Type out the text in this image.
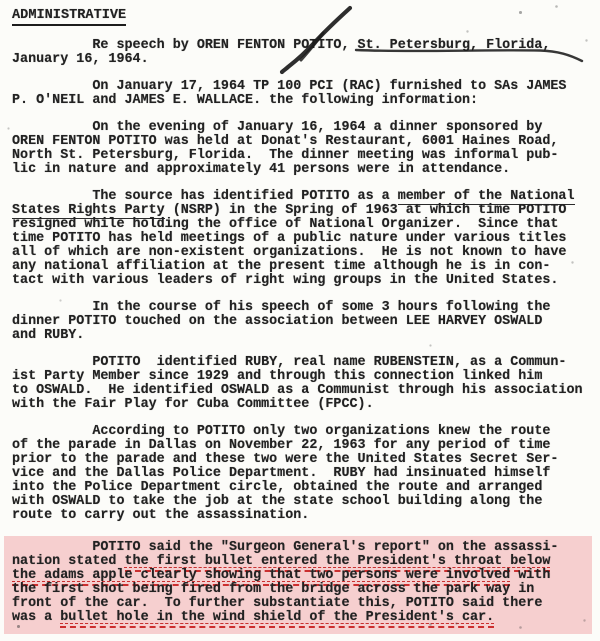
ADMINISTRATIVE
Re speech by OREN FENTON POTITO, St. Petersburg, Florida,
January 16, 1964.
On January 17, 1964 TP 100 PCI (RAC) furnished to SAs JAMES
P. O'NEIL and JAMES E. WALLACE. the following information:
On the evening of January 16, 1964 a dinner sponsored by
OREN FENTON POTITO was held at Donat's Restaurant, 6001 Haines Road,
North St. Petersburg, Florida.  The dinner meeting was informal pub-
lic in nature and approximately 41 persons were in attendance.
The source has identified POTITO as a member of the National
States Rights Party (NSRP) in the Spring of 1963 at which time POTITO
resigned while holding the office of National Organizer.  Since that
time POTITO has held meetings of a public nature under various titles
all of which are non-existent organizations.  He is not known to have
any national affiliation at the present time although he is in con-
tact with various leaders of right wing groups in the United States.
In the course of his speech of some 3 hours following the
dinner POTITO touched on the association between LEE HARVEY OSWALD
and RUBY.
POTITO  identified RUBY, real name RUBENSTEIN, as a Commun-
ist Party Member since 1929 and through this connection linked him
to OSWALD.  He identified OSWALD as a Communist through his association
with the Fair Play for Cuba Committee (FPCC).
According to POTITO only two organizations knew the route
of the parade in Dallas on November 22, 1963 for any period of time
prior to the parade and these two were the United States Secret Ser-
vice and the Dallas Police Department.  RUBY had insinuated himself
into the Police Department circle, obtained the route and arranged
with OSWALD to take the job at the state school building along the
route to carry out the assassination.
POTITO said the "Surgeon General's report" on the assassi-
nation stated the first bullet entered the President's throat below
the adams apple clearly showing that two persons were involved with
the first shot being fired from the bridge across the park way in
front of the car.  To further substantiate this, POTITO said there
was a bullet hole in the wind shield of the President's car.
